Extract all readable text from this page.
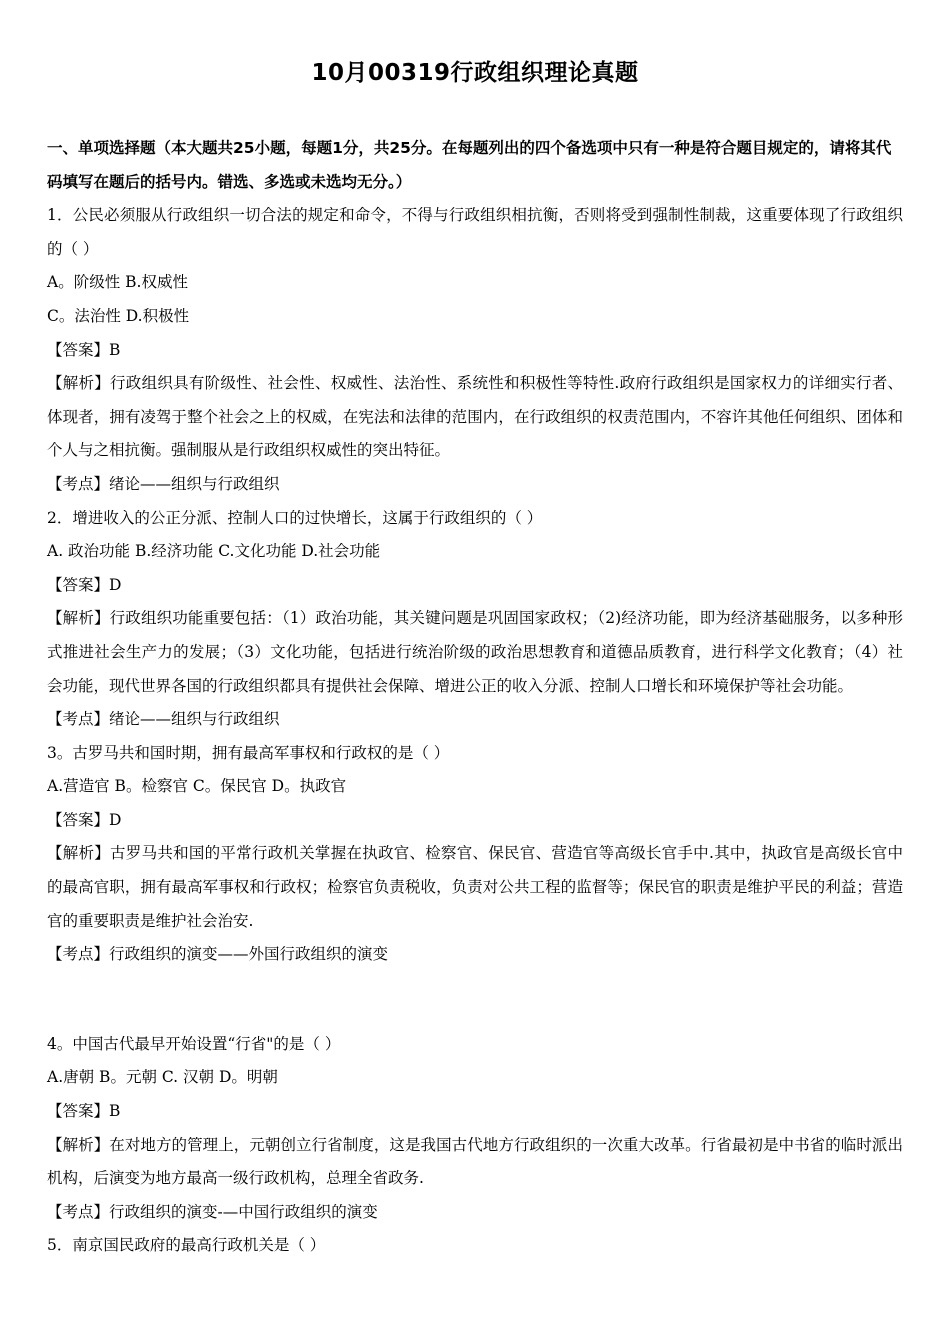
10月00319行政组织理论真题
一、单项选择题（本大题共25小题，每题1分，共25分。在每题列出的四个备选项中只有一种是符合题目规定的，请将其代码填写在题后的括号内。错选、多选或未选均无分。）
1．公民必须服从行政组织一切合法的规定和命令，不得与行政组织相抗衡，否则将受到强制性制裁，这重要体现了行政组织的（ ）
A。阶级性 B.权威性
C。法治性 D.积极性
【答案】B
【解析】行政组织具有阶级性、社会性、权威性、法治性、系统性和积极性等特性.政府行政组织是国家权力的详细实行者、体现者，拥有凌驾于整个社会之上的权威，在宪法和法律的范围内，在行政组织的权责范围内，不容许其他任何组织、团体和个人与之相抗衡。强制服从是行政组织权威性的突出特征。
【考点】绪论——组织与行政组织
2．增进收入的公正分派、控制人口的过快增长，这属于行政组织的（ ）
A. 政治功能 B.经济功能 C.文化功能 D.社会功能
【答案】D
【解析】行政组织功能重要包括：（1）政治功能，其关键问题是巩固国家政权；（2)经济功能，即为经济基础服务，以多种形式推进社会生产力的发展；（3）文化功能，包括进行统治阶级的政治思想教育和道德品质教育，进行科学文化教育；（4）社会功能，现代世界各国的行政组织都具有提供社会保障、增进公正的收入分派、控制人口增长和环境保护等社会功能。
【考点】绪论——组织与行政组织
3。古罗马共和国时期，拥有最高军事权和行政权的是（ ）
A.营造官 B。检察官 C。保民官 D。执政官
【答案】D
【解析】古罗马共和国的平常行政机关掌握在执政官、检察官、保民官、营造官等高级长官手中.其中，执政官是高级长官中的最高官职，拥有最高军事权和行政权；检察官负责税收，负责对公共工程的监督等；保民官的职责是维护平民的利益；营造官的重要职责是维护社会治安.
【考点】行政组织的演变——外国行政组织的演变
4。中国古代最早开始设置“行省"的是（ ）
A.唐朝 B。元朝 C. 汉朝 D。明朝
【答案】B
【解析】在对地方的管理上，元朝创立行省制度，这是我国古代地方行政组织的一次重大改革。行省最初是中书省的临时派出机构，后演变为地方最高一级行政机构，总理全省政务.
【考点】行政组织的演变-—中国行政组织的演变
5．南京国民政府的最高行政机关是（ ）
